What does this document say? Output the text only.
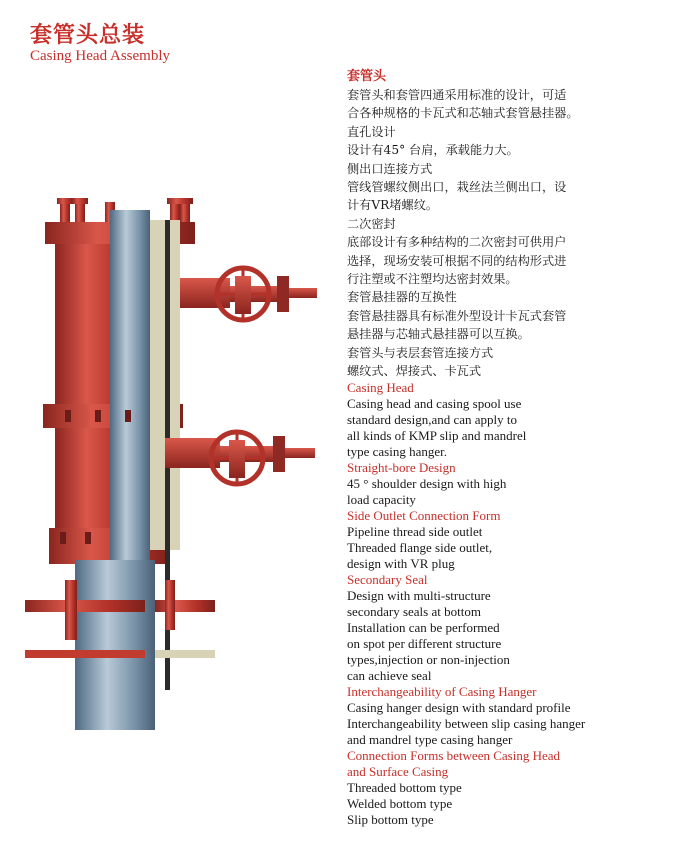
套管头总装
Casing Head Assembly
套管头
套管头和套管四通采用标准的设计，可适
合各种规格的卡瓦式和芯轴式套管悬挂器。
直孔设计
设计有45° 台肩，承载能力大。
侧出口连接方式
管线管螺纹侧出口，栽丝法兰侧出口，设
计有VR堵螺纹。
二次密封
底部设计有多种结构的二次密封可供用户
选择，现场安装可根据不同的结构形式进
行注塑或不注塑均达密封效果。
套管悬挂器的互换性
套管悬挂器具有标准外型设计卡瓦式套管
悬挂器与芯轴式悬挂器可以互换。
套管头与表层套管连接方式
螺纹式、焊接式、卡瓦式
Casing Head
Casing head and casing spool use
standard design,and can apply to
all kinds of KMP slip and mandrel
type casing hanger.
Straight-bore Design
45 ° shoulder design with high
load capacity
Side Outlet Connection Form
Pipeline thread side outlet
Threaded flange side outlet,
design with VR plug
Secondary Seal
Design with multi-structure
secondary seals at bottom
Installation can be performed
on spot per different structure
types,injection or non-injection
can achieve seal
Interchangeability of Casing Hanger
Casing hanger design with standard profile
Interchangeability between slip casing hanger
and mandrel type casing hanger
Connection Forms between Casing Head
and Surface Casing
Threaded bottom type
Welded bottom type
Slip bottom type
